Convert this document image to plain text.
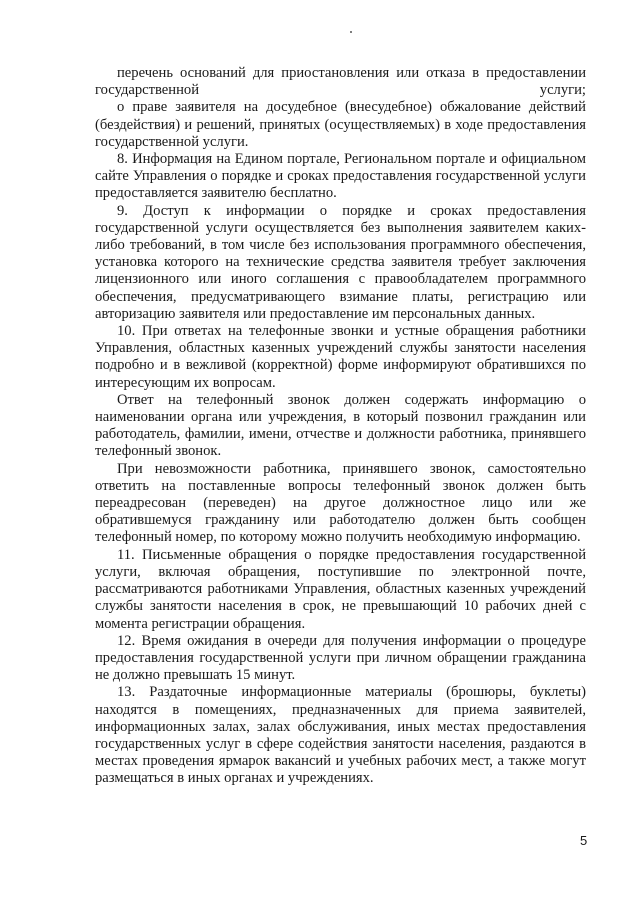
перечень оснований для приостановления или отказа в предоставлении государственной услуги;

о праве заявителя на досудебное (внесудебное) обжалование действий (бездействия) и решений, принятых (осуществляемых) в ходе предоставления государственной услуги.

8. Информация на Едином портале, Региональном портале и официальном сайте Управления о порядке и сроках предоставления государственной услуги предоставляется заявителю бесплатно.

9. Доступ к информации о порядке и сроках предоставления государственной услуги осуществляется без выполнения заявителем каких-либо требований, в том числе без использования программного обеспечения, установка которого на технические средства заявителя требует заключения лицензионного или иного соглашения с правообладателем программного обеспечения, предусматривающего взимание платы, регистрацию или авторизацию заявителя или предоставление им персональных данных.

10. При ответах на телефонные звонки и устные обращения работники Управления, областных казенных учреждений службы занятости населения подробно и в вежливой (корректной) форме информируют обратившихся по интересующим их вопросам.

Ответ на телефонный звонок должен содержать информацию о наименовании органа или учреждения, в который позвонил гражданин или работодатель, фамилии, имени, отчестве и должности работника, принявшего телефонный звонок.

При невозможности работника, принявшего звонок, самостоятельно ответить на поставленные вопросы телефонный звонок должен быть переадресован (переведен) на другое должностное лицо или же обратившемуся гражданину или работодателю должен быть сообщен телефонный номер, по которому можно получить необходимую информацию.

11. Письменные обращения о порядке предоставления государственной услуги, включая обращения, поступившие по электронной почте, рассматриваются работниками Управления, областных казенных учреждений службы занятости населения в срок, не превышающий 10 рабочих дней с момента регистрации обращения.

12. Время ожидания в очереди для получения информации о процедуре предоставления государственной услуги при личном обращении гражданина не должно превышать 15 минут.

13. Раздаточные информационные материалы (брошюры, буклеты) находятся в помещениях, предназначенных для приема заявителей, информационных залах, залах обслуживания, иных местах предоставления государственных услуг в сфере содействия занятости населения, раздаются в местах проведения ярмарок вакансий и учебных рабочих мест, а также могут размещаться в иных органах и учреждениях.

5
